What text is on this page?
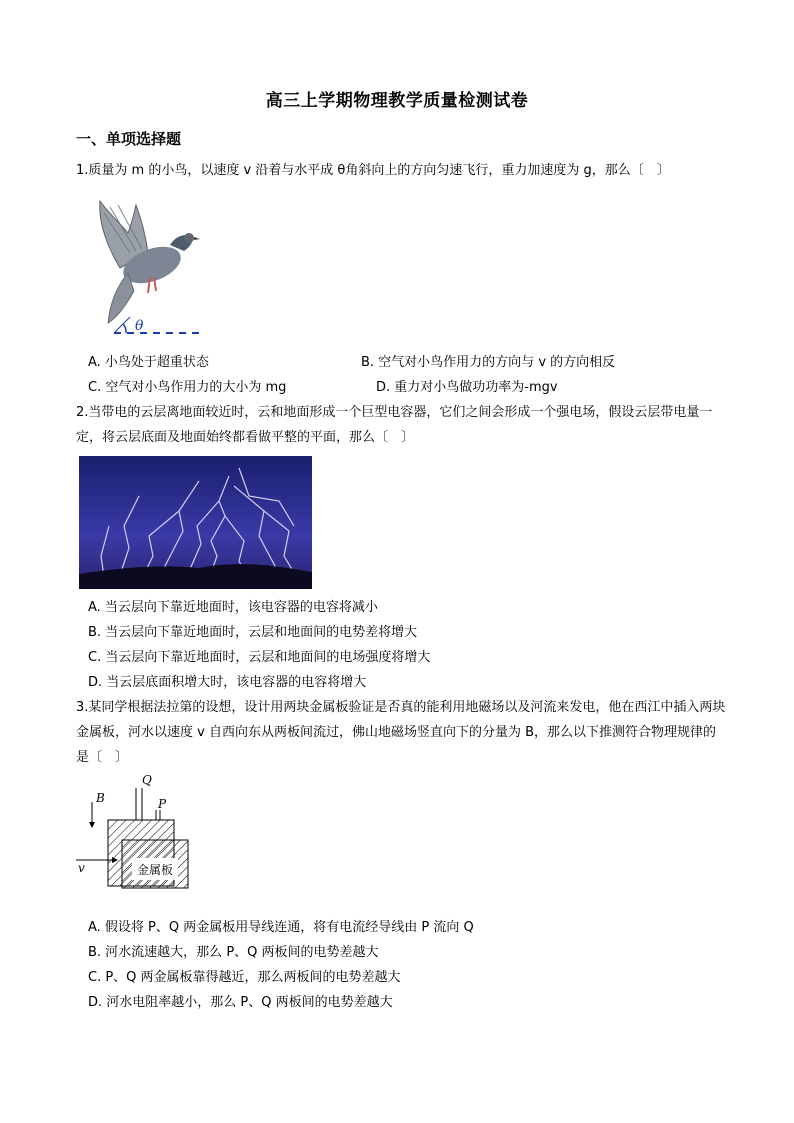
高三上学期物理教学质量检测试卷
一、单项选择题
1.质量为 m 的小鸟，以速度 v 沿着与水平成 θ角斜向上的方向匀速飞行，重力加速度为 g，那么〔　〕
θ
A. 小鸟处于超重状态	B. 空气对小鸟作用力的方向与 v 的方向相反
C. 空气对小鸟作用力的大小为 mg	D. 重力对小鸟做功功率为-mgv
2.当带电的云层离地面较近时，云和地面形成一个巨型电容器，它们之间会形成一个强电场，假设云层带电量一定，将云层底面及地面始终都看做平整的平面，那么〔　〕
A. 当云层向下靠近地面时，该电容器的电容将减小
B. 当云层向下靠近地面时，云层和地面间的电势差将增大
C. 当云层向下靠近地面时，云层和地面间的电场强度将增大
D. 当云层底面积增大时，该电容器的电容将增大
3.某同学根据法拉第的设想，设计用两块金属板验证是否真的能利用地磁场以及河流来发电，他在西江中插入两块金属板，河水以速度 v 自西向东从两板间流过，佛山地磁场竖直向下的分量为 B，那么以下推测符合物理规律的是〔　〕
金属板
Q
P
B
v
A. 假设将 P、Q 两金属板用导线连通，将有电流经导线由 P 流向 Q
B. 河水流速越大，那么 P、Q 两板间的电势差越大
C. P、Q 两金属板靠得越近，那么两板间的电势差越大
D. 河水电阻率越小，那么 P、Q 两板间的电势差越大
